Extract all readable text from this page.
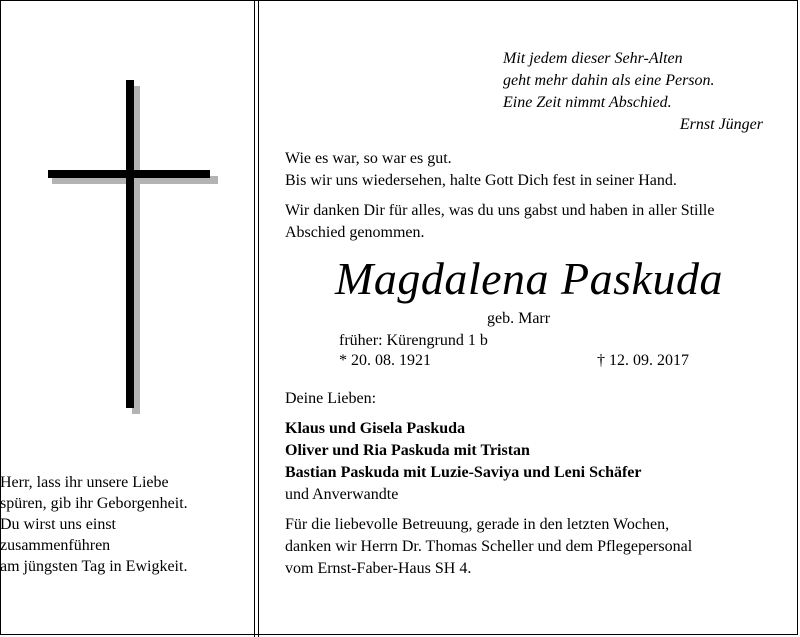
Herr, lass ihr unsere Liebe
spüren, gib ihr Geborgenheit.
Du wirst uns einst
zusammenführen
am jüngsten Tag in Ewigkeit.
Mit jedem dieser Sehr-Alten
geht mehr dahin als eine Person.
Eine Zeit nimmt Abschied.
Ernst Jünger
Wie es war, so war es gut.
Bis wir uns wiedersehen, halte Gott Dich fest in seiner Hand.
Wir danken Dir für alles, was du uns gabst und haben in aller Stille
Abschied genommen.
Magdalena Paskuda
geb. Marr
früher: Kürengrund 1 b
* 20. 08. 1921	† 12. 09. 2017
Deine Lieben:
Klaus und Gisela Paskuda
Oliver und Ria Paskuda mit Tristan
Bastian Paskuda mit Luzie-Saviya und Leni Schäfer
und Anverwandte
Für die liebevolle Betreuung, gerade in den letzten Wochen,
danken wir Herrn Dr. Thomas Scheller und dem Pflegepersonal
vom Ernst-Faber-Haus SH 4.
